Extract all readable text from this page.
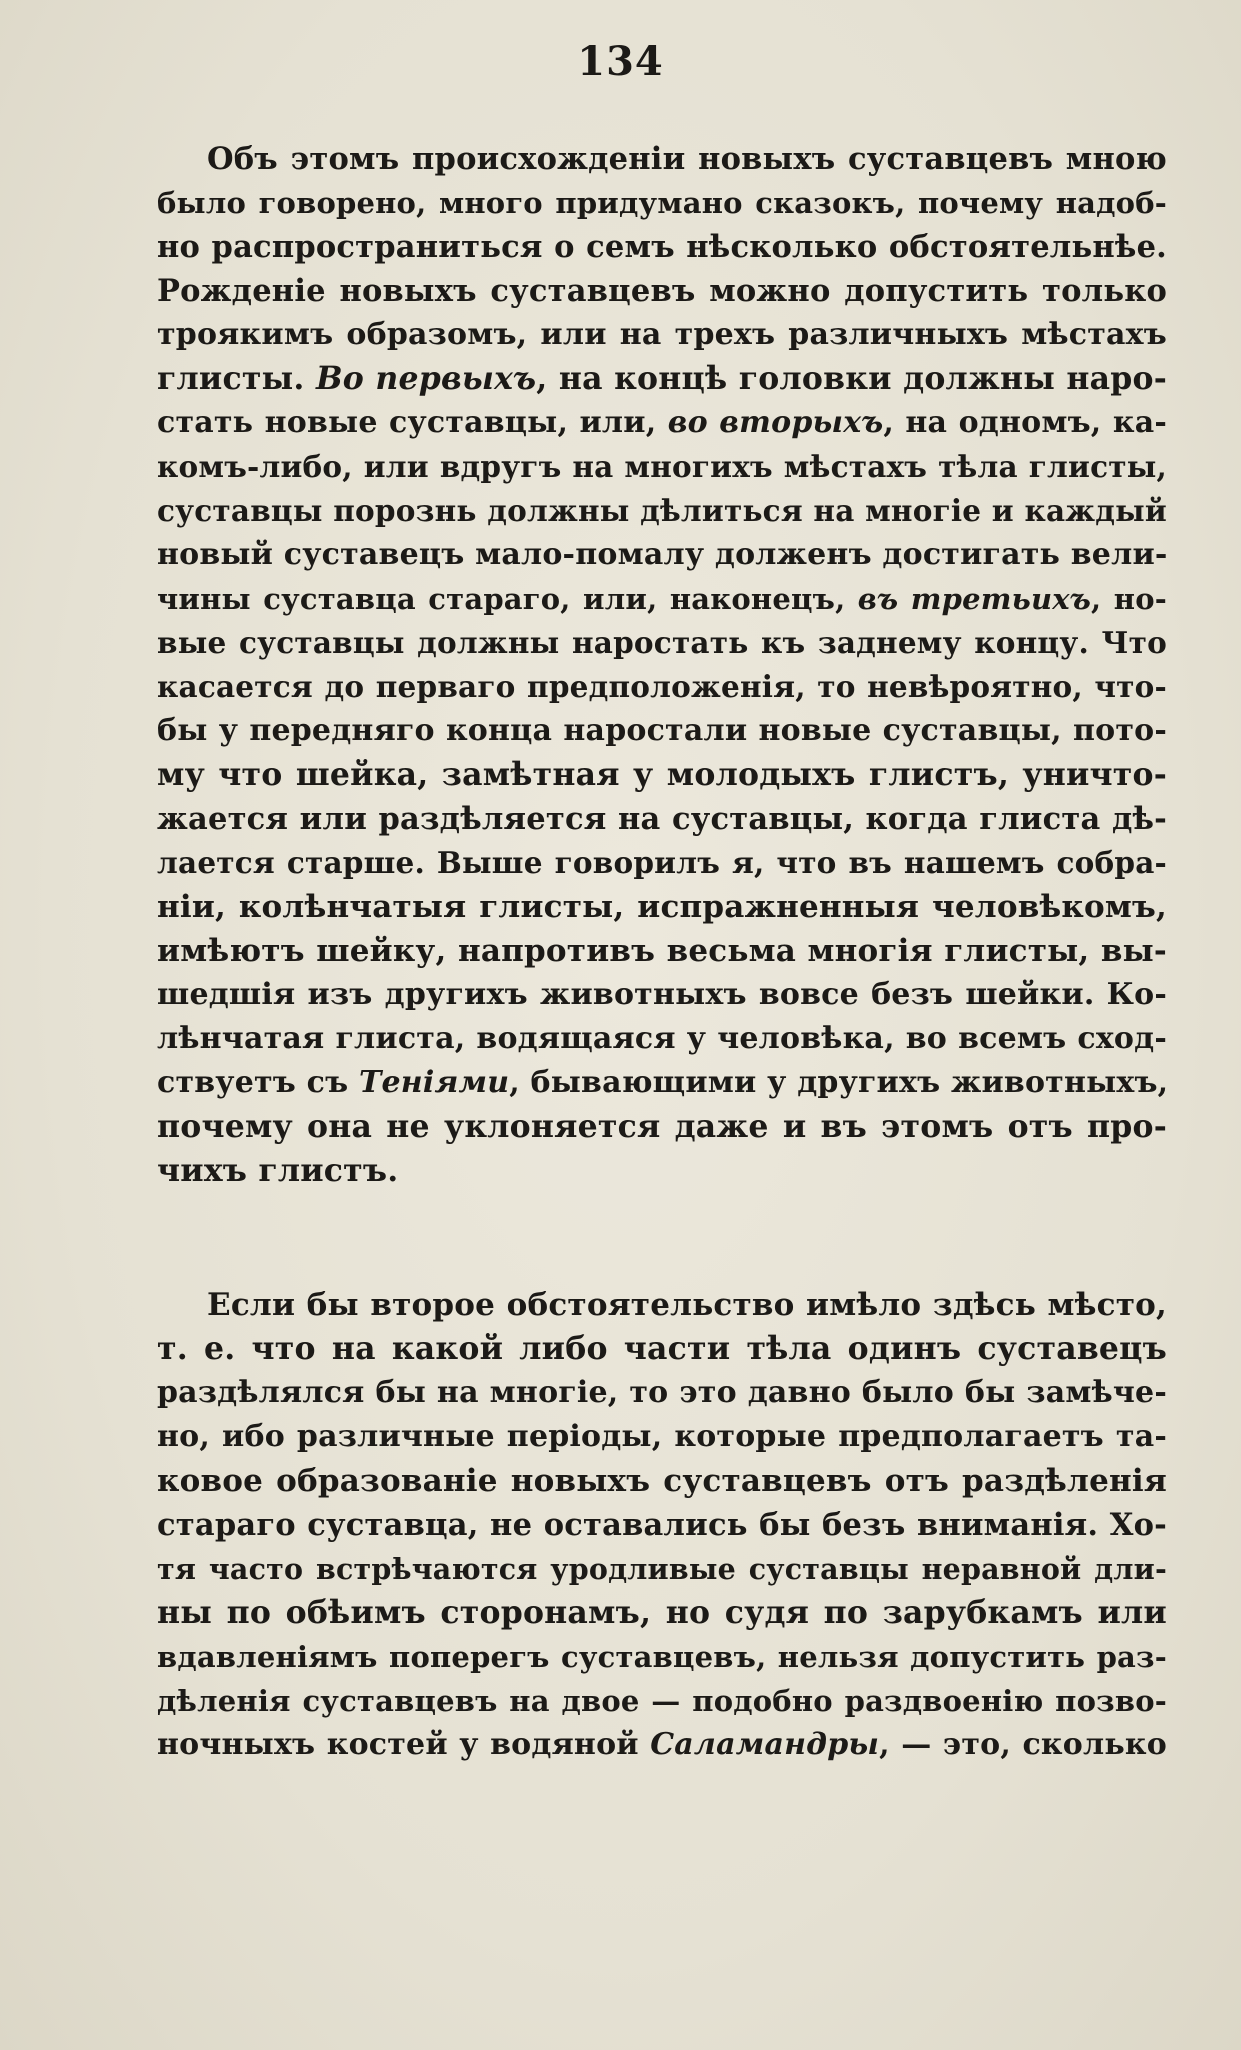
134

Объ этомъ происхожденіи новыхъ суставцевъ мною

было говорено, много придумано сказокъ, почему надоб-

но распространиться о семъ нѣсколько обстоятельнѣе.

Рожденіе новыхъ суставцевъ можно допустить только

трoякимъ образомъ, или на трехъ различныхъ мѣстахъ

глисты. Во первыхъ, на концѣ головки должны наро-

стать новые суставцы, или, во вторыхъ, на одномъ, ка-

комъ-либо, или вдругъ на многихъ мѣстахъ тѣла глисты,

суставцы порознь должны дѣлиться на многіе и каждый

новый суставецъ мало-помалу долженъ достигать вели-

чины суставца стараго, или, наконецъ, въ третьихъ, но-

вые суставцы должны наростать къ заднему концу. Что

касается до перваго предположенія, то невѣроятно, что-

бы у передняго конца наростали новые суставцы, пото-

му что шейка, замѣтная у молодыхъ глистъ, уничто-

жается или раздѣляется на суставцы, когда глиста дѣ-

лается старше. Выше говорилъ я, что въ нашемъ собра-

ніи, колѣнчатыя глисты, испражненныя человѣкомъ,

имѣютъ шейку, напротивъ весьма многія глисты, вы-

шедшія изъ другихъ животныхъ вовсе безъ шейки. Ко-

лѣнчатая глиста, водящаяся у человѣка, во всемъ сход-

ствуетъ съ Теніями, бывающими у другихъ животныхъ,

почему она не уклоняется даже и въ этомъ отъ про-

чихъ глистъ.

Если бы второе обстоятельство имѣло здѣсь мѣсто,

т. е. что на какой либо части тѣла одинъ суставецъ

раздѣлялся бы на многіе, то это давно было бы замѣче-

но, ибо различные періоды, которые предполагаетъ та-

ковое образованіе новыхъ суставцевъ отъ раздѣленія

стараго суставца, не оставались бы безъ вниманія. Хо-

тя часто встрѣчаются уродливые суставцы неравной дли-

ны по обѣимъ сторонамъ, но судя по зарубкамъ или

вдавленіямъ поперегъ суставцевъ, нельзя допустить раз-

дѣленія суставцевъ на двое — подобно раздвоенію позво-

ночныхъ костей у водяной Саламандры, — это, сколько
